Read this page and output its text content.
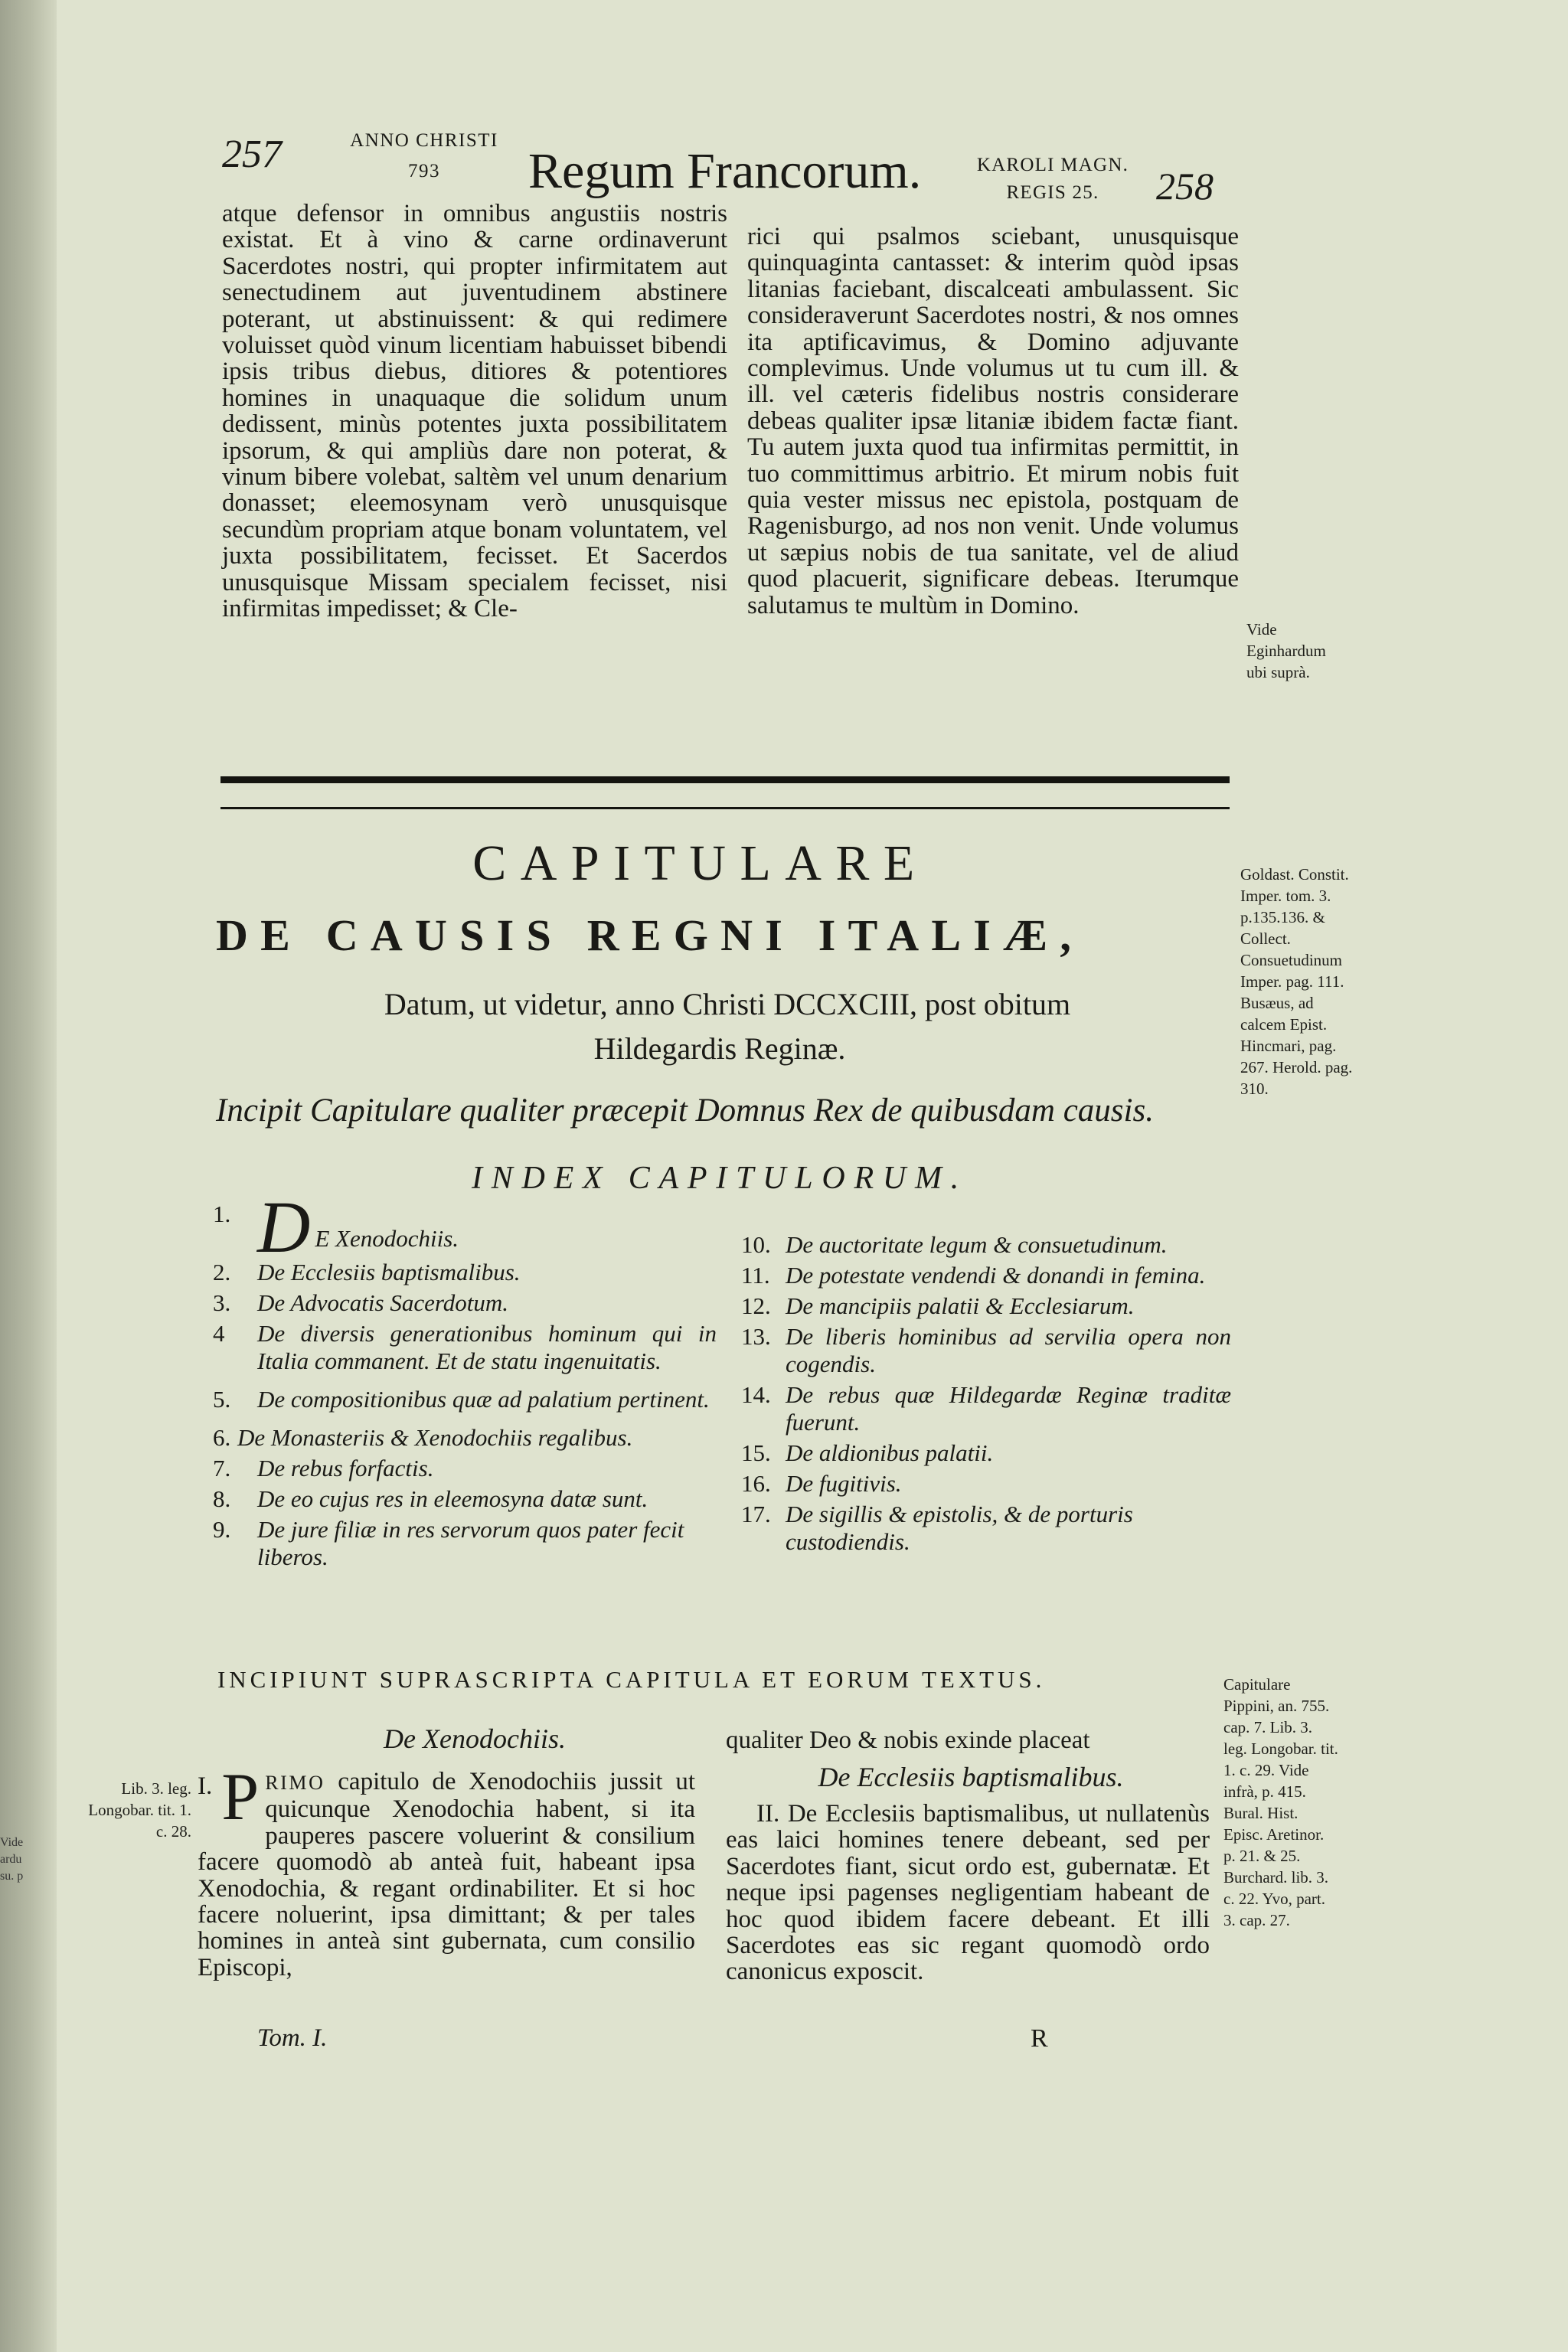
Vide
ardu
su. p
257	ANNO CHRISTI
793	Regum Francorum.	KAROLI MAGN.
REGIS 25.	258
atque defensor in omnibus angustiis nostris existat. Et à vino & carne ordinaverunt Sacerdotes nostri, qui propter infirmitatem aut senectudinem aut juventudinem abstinere poterant, ut abstinuissent: & qui redimere voluisset quòd vinum licentiam habuisset bibendi ipsis tribus diebus, ditiores & potentiores homines in unaquaque die solidum unum dedissent, minùs potentes juxta possibilitatem ipsorum, & qui ampliùs dare non poterat, & vinum bibere volebat, saltèm vel unum denarium donasset; eleemosynam verò unusquisque secundùm propriam atque bonam voluntatem, vel juxta possibilitatem, fecisset. Et Sacerdos unusquisque Missam specialem fecisset, nisi infirmitas impedisset; & Cle-
rici qui psalmos sciebant, unusquisque quinquaginta cantasset: & interim quòd ipsas litanias faciebant, discalceati ambulassent. Sic consideraverunt Sacerdotes nostri, & nos omnes ita aptificavimus, & Domino adjuvante complevimus. Unde volumus ut tu cum ill. & ill. vel cæteris fidelibus nostris considerare debeas qualiter ipsæ litaniæ ibidem factæ fiant. Tu autem juxta quod tua infirmitas permittit, in tuo committimus arbitrio. Et mirum nobis fuit quia vester missus nec epistola, postquam de Ragenisburgo, ad nos non venit. Unde volumus ut sæpius nobis de tua sanitate, vel de aliud quod placuerit, significare debeas. Iterumque salutamus te multùm in Domino.
Vide Eginhardum ubi suprà.
CAPITULARE
DE CAUSIS REGNI ITALIÆ,
Datum, ut videtur, anno Christi DCCXCIII, post obitum
Hildegardis Reginæ.
Incipit Capitulare qualiter præcepit Domnus Rex de quibusdam causis.
INDEX CAPITULORUM.
Goldast. Constit. Imper. tom. 3. p.135.136. & Collect. Consuetudinum Imper. pag. 111. Busæus, ad calcem Epist. Hincmari, pag. 267. Herold. pag. 310.
1. D E Xenodochiis.
2. De Ecclesiis baptismalibus.
3. De Advocatis Sacerdotum.
4 De diversis generationibus hominum qui in Italia commanent. Et de statu ingenuitatis.
5. De compositionibus quæ ad palatium pertinent.
6. De Monasteriis & Xenodochiis regalibus.
7. De rebus forfactis.
8. De eo cujus res in eleemosyna datæ sunt.
9. De jure filiæ in res servorum quos pater fecit liberos.
10. De auctoritate legum & consuetudinum.
11. De potestate vendendi & donandi in femina.
12. De mancipiis palatii & Ecclesiarum.
13. De liberis hominibus ad servilia opera non cogendis.
14. De rebus quæ Hildegardæ Reginæ traditæ fuerunt.
15. De aldionibus palatii.
16. De fugitivis.
17. De sigillis & epistolis, & de porturis custodiendis.
INCIPIUNT SUPRASCRIPTA CAPITULA ET EORUM TEXTUS.
De Xenodochiis.
Lib. 3. leg. Longobar. tit. 1. c. 28.
I. P RIMO capitulo de Xenodochiis jussit ut quicunque Xenodochia habent, si ita pauperes pascere voluerint & consilium facere quomodò ab anteà fuit, habeant ipsa Xenodochia, & regant ordinabiliter. Et si hoc facere noluerint, ipsa dimittant; & per tales homines in anteà sint gubernata, cum consilio Episcopi,
Tom. I.
qualiter Deo & nobis exinde placeat
De Ecclesiis baptismalibus.
II. De Ecclesiis baptismalibus, ut nullatenùs eas laici homines tenere debeant, sed per Sacerdotes fiant, sicut ordo est, gubernatæ. Et neque ipsi pagenses negligentiam habeant de hoc quod ibidem facere debeant. Et illi Sacerdotes eas sic regant quomodò ordo canonicus exposcit.
Capitulare Pippini, an. 755. cap. 7. Lib. 3. leg. Longobar. tit. 1. c. 29. Vide infrà, p. 415. Bural. Hist. Episc. Aretinor. p. 21. & 25. Burchard. lib. 3. c. 22. Yvo, part. 3. cap. 27.
R
